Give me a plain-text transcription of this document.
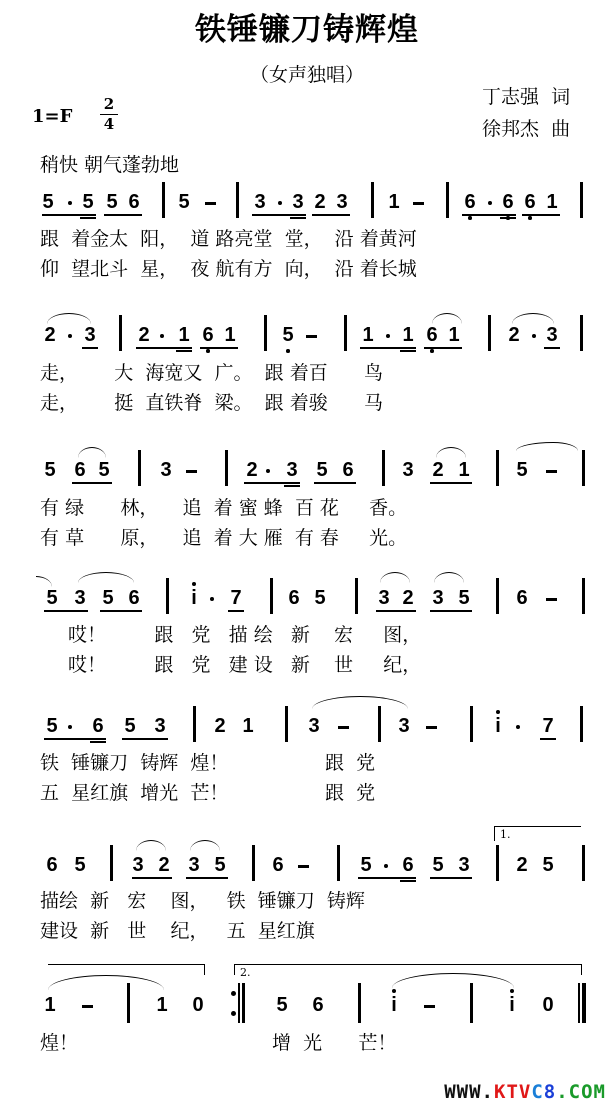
铁锤镰刀铸辉煌
（女声独唱）
丁志强  词
徐邦杰  曲
1=F
2
4
稍快 朝气蓬勃地
5 5 5 6 5	3 3 2 3 1	6 6 6 1
跟 着金太 阳， 道 路亮堂 堂， 沿 着黄河
仰 望北斗 星， 夜 航有方 向， 沿 着长城
2 3 2 1 6 1 5	1 1 6 1 2 3
走， 大 海宽又 广。 跟 着百 鸟
走， 挺 直铁脊 梁。 跟 着骏 马
5 6 5	3	2 3 5 6 3 2 1 5
有 绿 林， 追 着 蜜 蜂 百 花 香。
有 草 原， 追 着 大 雁 有 春 光。
5 3 5 6	i 7 6 5	3 2 3 5 6
哎！	跟 党 描 绘 新 宏 图，
哎！	跟 党 建 设 新 世 纪，
5 6 5 3 2 1	3	3	i 7
铁 锤镰刀 铸辉 煌！	跟 党
五 星红旗 增光 芒！	跟 党
6 5 3 2 3 5 6	5 6 5 3
1.
2 5
描绘 新 宏 图， 铁 锤镰刀 铸辉
建设 新 世 纪， 五 星红旗
1	1 0
2.
5 6	i	i 0
煌！	增 光 芒！
WWW.KTVC8.COM
